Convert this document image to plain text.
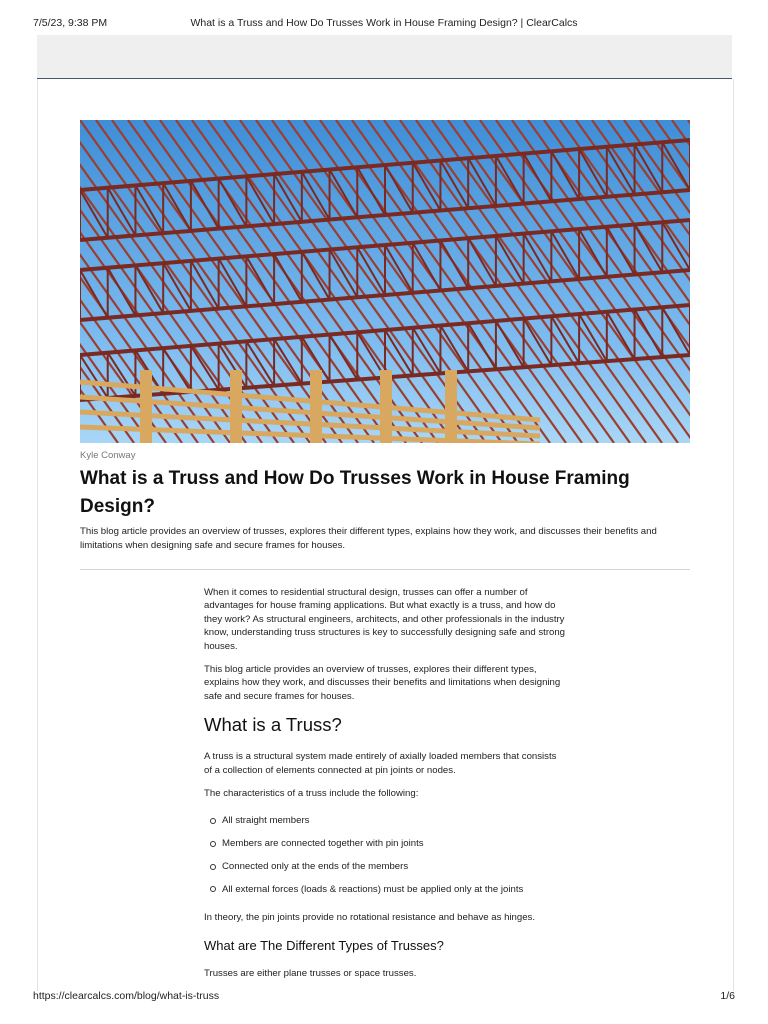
7/5/23, 9:38 PM	What is a Truss and How Do Trusses Work in House Framing Design? | ClearCalcs
Kyle Conway
What is a Truss and How Do Trusses Work in House Framing Design?

This blog article provides an overview of trusses, explores their different types, explains how they work, and discusses their benefits and limitations when designing safe and secure frames for houses.

When it comes to residential structural design, trusses can offer a number of advantages for house framing applications. But what exactly is a truss, and how do they work? As structural engineers, architects, and other professionals in the industry know, understanding truss structures is key to successfully designing safe and strong houses.

This blog article provides an overview of trusses, explores their different types, explains how they work, and discusses their benefits and limitations when designing safe and secure frames for houses.

What is a Truss?

A truss is a structural system made entirely of axially loaded members that consists of a collection of elements connected at pin joints or nodes.

The characteristics of a truss include the following:

All straight members
Members are connected together with pin joints
Connected only at the ends of the members
All external forces (loads & reactions) must be applied only at the joints

In theory, the pin joints provide no rotational resistance and behave as hinges.

What are The Different Types of Trusses?

Trusses are either plane trusses or space trusses.

https://clearcalcs.com/blog/what-is-truss	1/6
